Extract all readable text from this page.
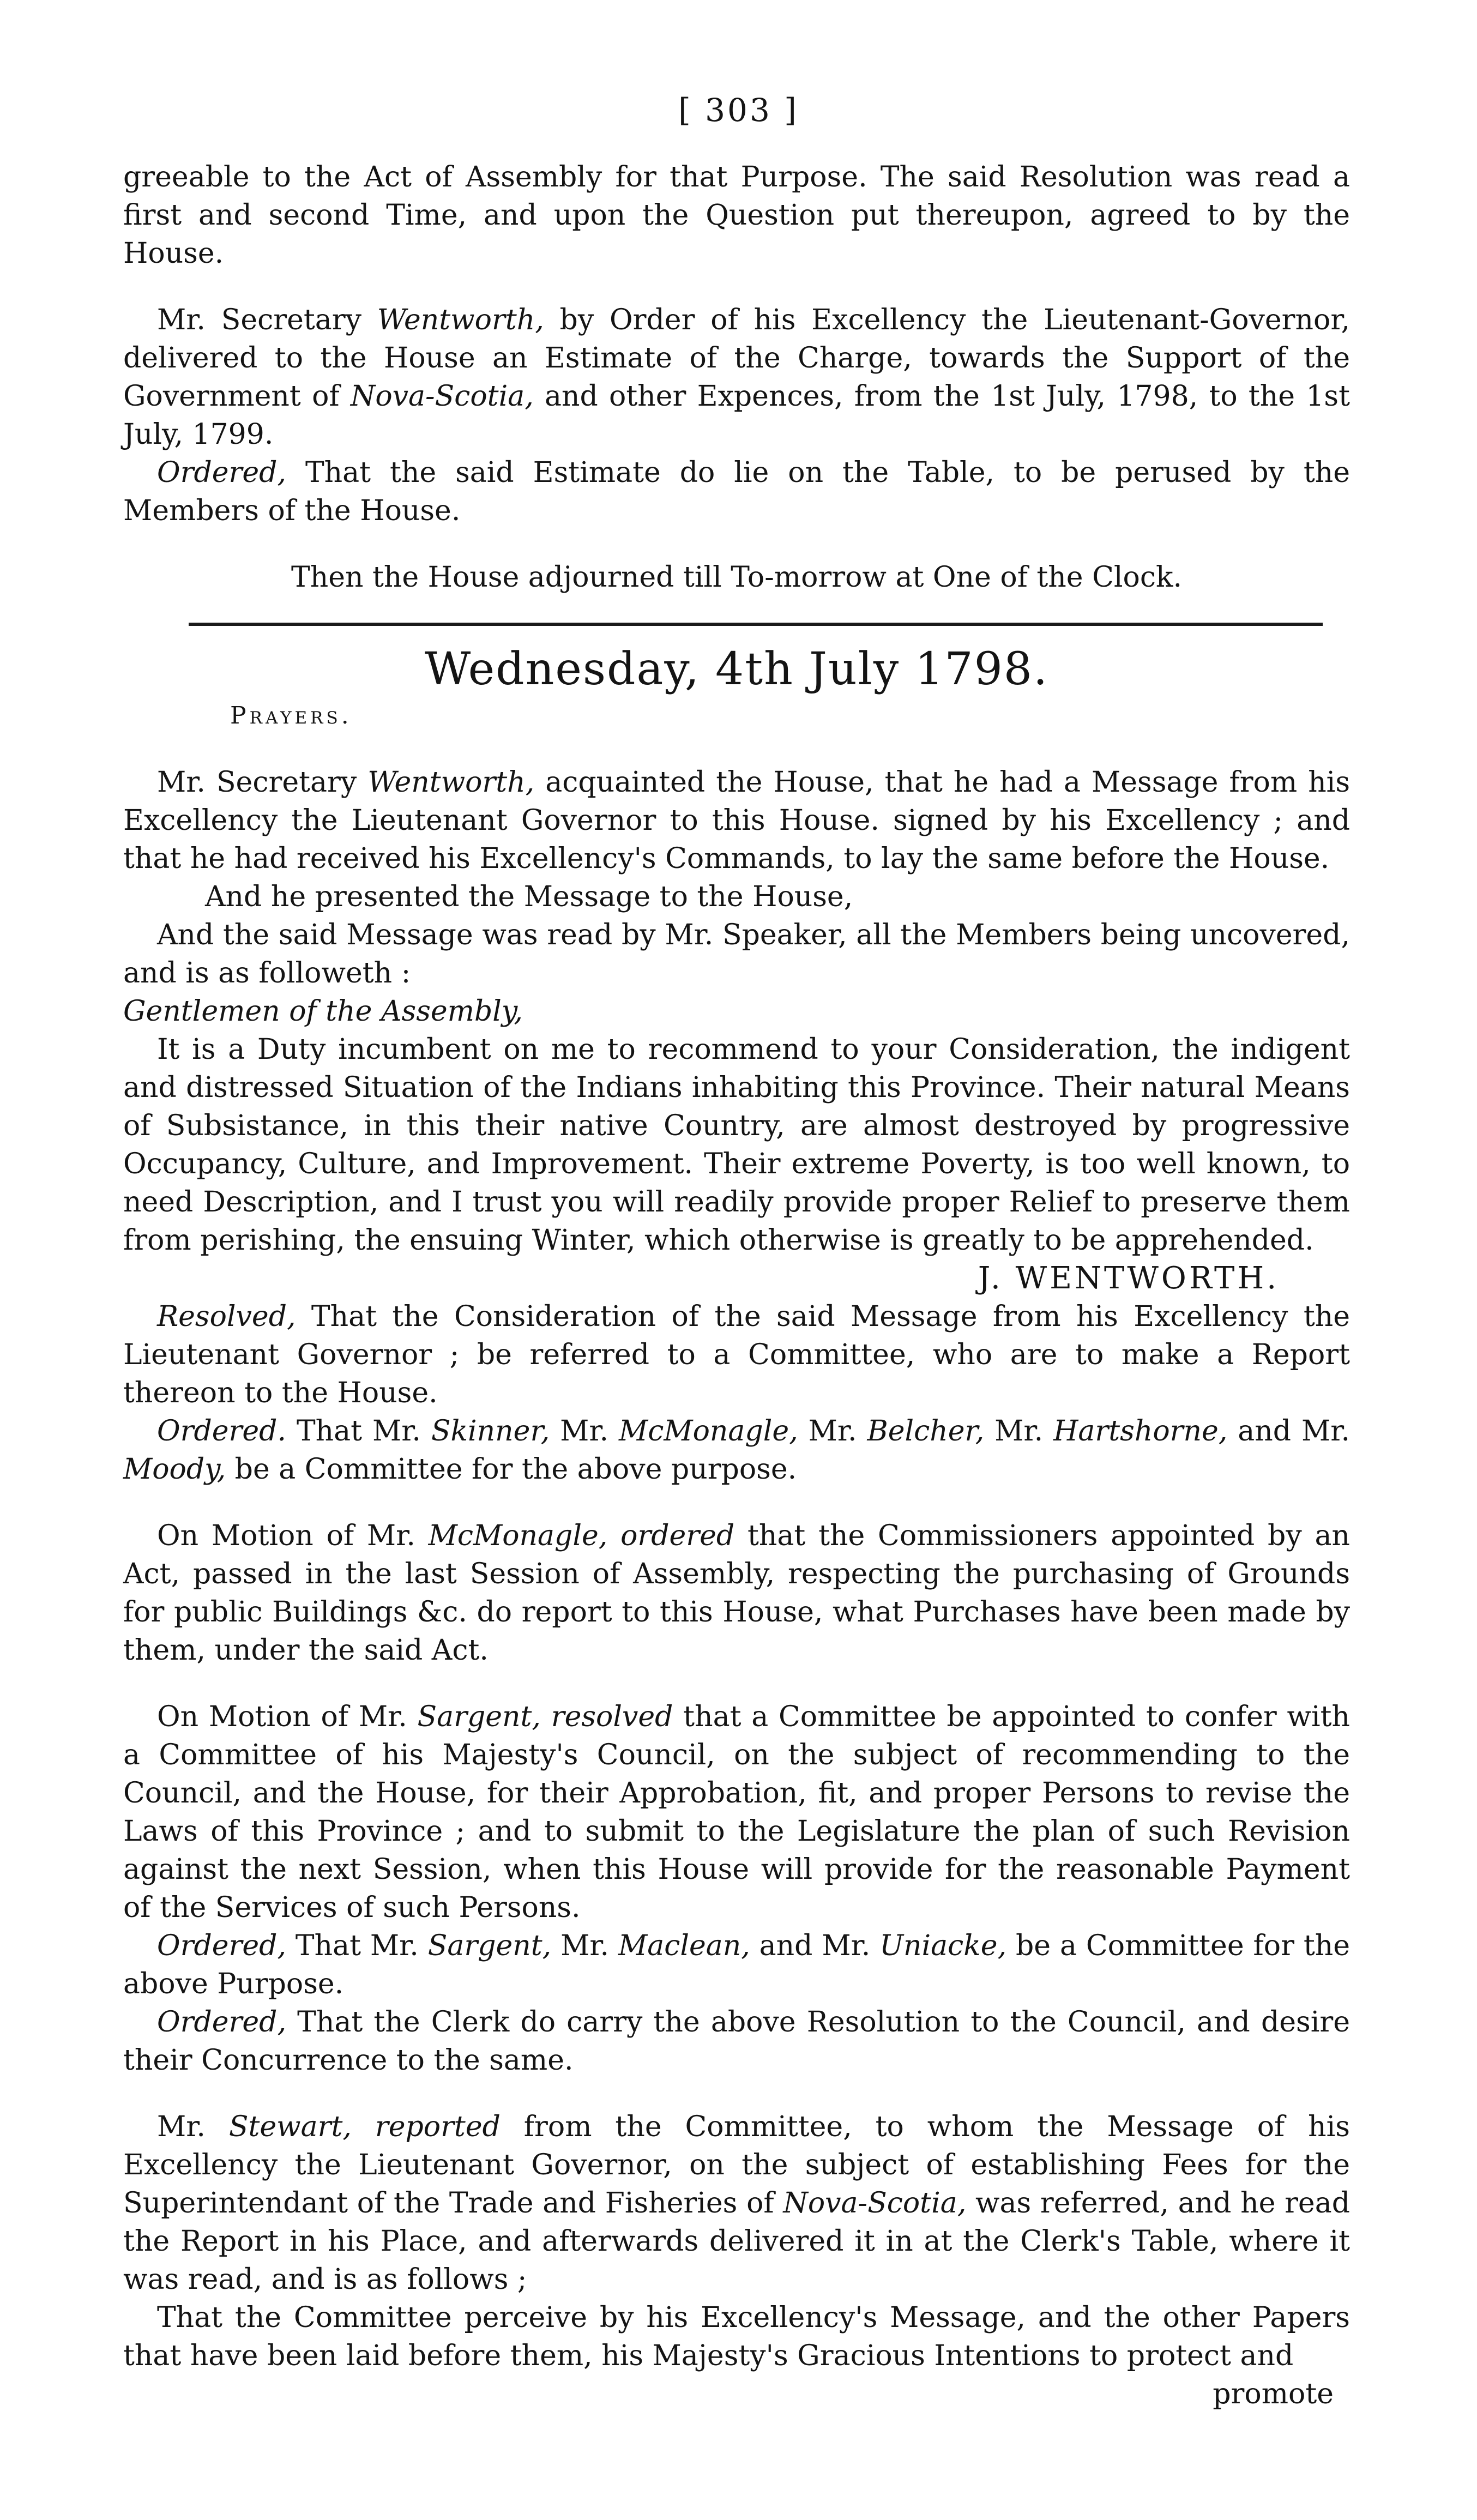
[ 303 ]

greeable to the Act of Assembly for that Purpose. The said Resolution was read a first and second Time, and upon the Question put thereupon, agreed to by the House.

Mr. Secretary Wentworth, by Order of his Excellency the Lieutenant-Governor, delivered to the House an Estimate of the Charge, towards the Support of the Government of Nova-Scotia, and other Expences, from the 1st July, 1798, to the 1st July, 1799.

Ordered, That the said Estimate do lie on the Table, to be perused by the Members of the House.

Then the House adjourned till To-morrow at One of the Clock.

Wednesday, 4th July 1798.
Prayers.

Mr. Secretary Wentworth, acquainted the House, that he had a Message from his Excellency the Lieutenant Governor to this House. signed by his Excellency ; and that he had received his Excellency's Commands, to lay the same before the House.

And he presented the Message to the House,

And the said Message was read by Mr. Speaker, all the Members being uncovered, and is as followeth :

Gentlemen of the Assembly,

It is a Duty incumbent on me to recommend to your Consideration, the indigent and distressed Situation of the Indians inhabiting this Province. Their natural Means of Subsistance, in this their native Country, are almost destroyed by progressive Occupancy, Culture, and Improvement. Their extreme Poverty, is too well known, to need Description, and I trust you will readily provide proper Relief to preserve them from perishing, the ensuing Winter, which otherwise is greatly to be apprehended.

J. WENTWORTH.

Resolved, That the Consideration of the said Message from his Excellency the Lieutenant Governor ; be referred to a Committee, who are to make a Report thereon to the House.

Ordered. That Mr. Skinner, Mr. McMonagle, Mr. Belcher, Mr. Hartshorne, and Mr. Moody, be a Committee for the above purpose.

On Motion of Mr. McMonagle, ordered that the Commissioners appointed by an Act, passed in the last Session of Assembly, respecting the purchasing of Grounds for public Buildings &c. do report to this House, what Purchases have been made by them, under the said Act.

On Motion of Mr. Sargent, resolved that a Committee be appointed to confer with a Committee of his Majesty's Council, on the subject of recommending to the Council, and the House, for their Approbation, fit, and proper Persons to revise the Laws of this Province ; and to submit to the Legislature the plan of such Revision against the next Session, when this House will provide for the reasonable Payment of the Services of such Persons.

Ordered, That Mr. Sargent, Mr. Maclean, and Mr. Uniacke, be a Committee for the above Purpose.

Ordered, That the Clerk do carry the above Resolution to the Council, and desire their Concurrence to the same.

Mr. Stewart, reported from the Committee, to whom the Message of his Excellency the Lieutenant Governor, on the subject of establishing Fees for the Superintendant of the Trade and Fisheries of Nova-Scotia, was referred, and he read the Report in his Place, and afterwards delivered it in at the Clerk's Table, where it was read, and is as follows ;

That the Committee perceive by his Excellency's Message, and the other Papers that have been laid before them, his Majesty's Gracious Intentions to protect and

promote
